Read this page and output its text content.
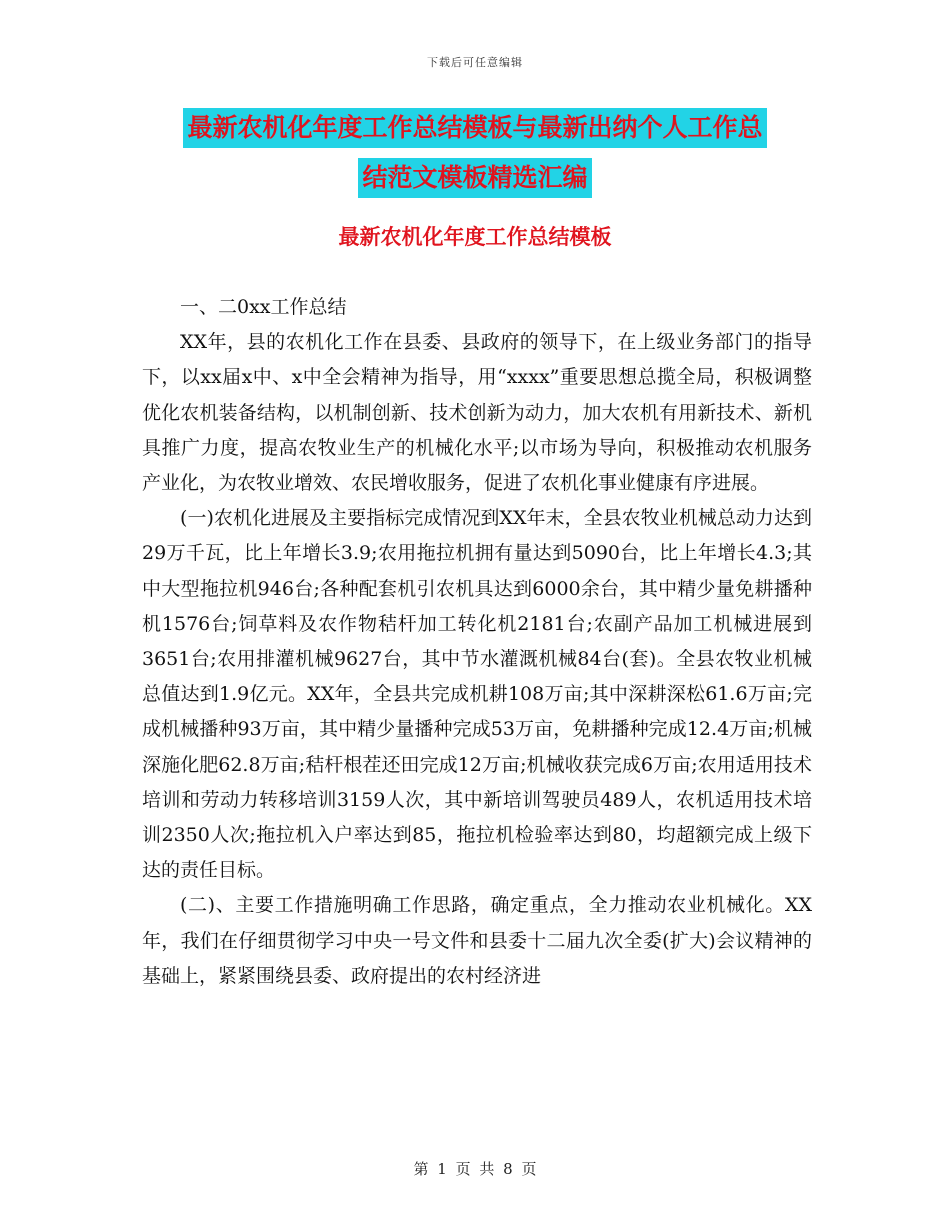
下载后可任意编辑
最新农机化年度工作总结模板与最新出纳个人工作总
结范文模板精选汇编
最新农机化年度工作总结模板

一、二0xx工作总结

XX年，县的农机化工作在县委、县政府的领导下，在上级业务部门的指导下，以xx届x中、x中全会精神为指导，用“xxxx”重要思想总揽全局，积极调整优化农机装备结构，以机制创新、技术创新为动力，加大农机有用新技术、新机具推广力度，提高农牧业生产的机械化水平;以市场为导向，积极推动农机服务产业化，为农牧业增效、农民增收服务，促进了农机化事业健康有序进展。

(一)农机化进展及主要指标完成情况到XX年末，全县农牧业机械总动力达到29万千瓦，比上年增长3.9;农用拖拉机拥有量达到5090台，比上年增长4.3;其中大型拖拉机946台;各种配套机引农机具达到6000余台，其中精少量免耕播种机1576台;饲草料及农作物秸杆加工转化机2181台;农副产品加工机械进展到3651台;农用排灌机械9627台，其中节水灌溉机械84台(套)。全县农牧业机械总值达到1.9亿元。XX年，全县共完成机耕108万亩;其中深耕深松61.6万亩;完成机械播种93万亩，其中精少量播种完成53万亩，免耕播种完成12.4万亩;机械深施化肥62.8万亩;秸杆根茬还田完成12万亩;机械收获完成6万亩;农用适用技术培训和劳动力转移培训3159人次，其中新培训驾驶员489人，农机适用技术培训2350人次;拖拉机入户率达到85，拖拉机检验率达到80，均超额完成上级下达的责任目标。

(二)、主要工作措施明确工作思路，确定重点，全力推动农业机械化。XX年，我们在仔细贯彻学习中央一号文件和县委十二届九次全委(扩大)会议精神的基础上，紧紧围绕县委、政府提出的农村经济进

第 1 页 共 8 页
